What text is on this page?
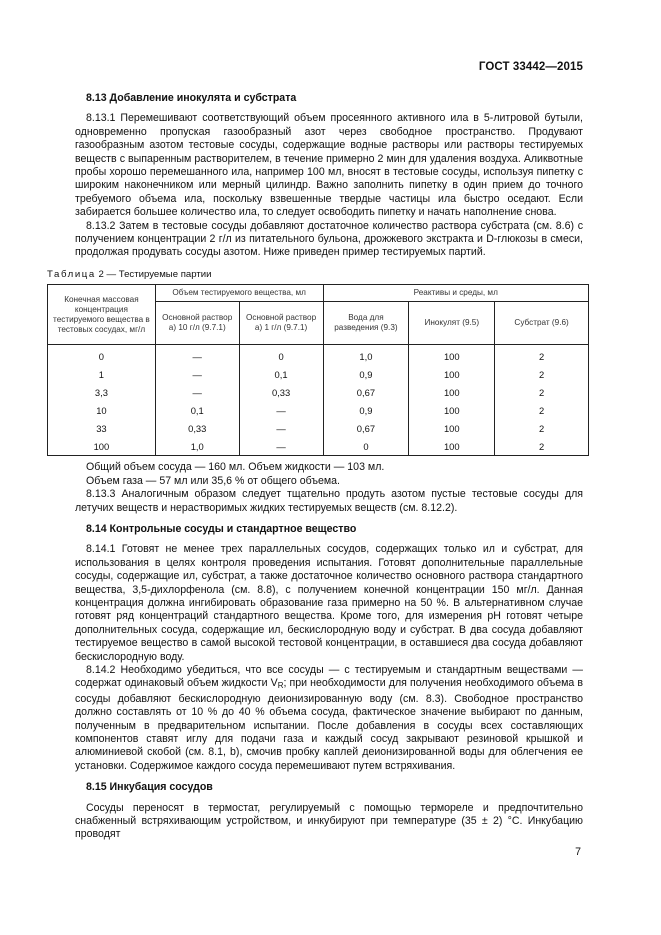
ГОСТ 33442—2015

8.13 Добавление инокулята и субстрата

8.13.1 Перемешивают соответствующий объем просеянного активного ила в 5-литровой бутыли, одновременно пропуская газообразный азот через свободное пространство. Продувают газообразным азотом тестовые сосуды, содержащие водные растворы или растворы тестируемых веществ с выпаренным растворителем, в течение примерно 2 мин для удаления воздуха. Аликвотные пробы хорошо перемешанного ила, например 100 мл, вносят в тестовые сосуды, используя пипетку с широким наконечником или мерный цилиндр. Важно заполнить пипетку в один прием до точного требуемого объема ила, поскольку взвешенные твердые частицы ила быстро оседают. Если забирается большее количество ила, то следует освободить пипетку и начать наполнение снова.

8.13.2 Затем в тестовые сосуды добавляют достаточное количество раствора субстрата (см. 8.6) с получением концентрации 2 г/л из питательного бульона, дрожжевого экстракта и D-глюкозы в смеси, продолжая продувать сосуды азотом. Ниже приведен пример тестируемых партий.

Таблица 2 — Тестируемые партии

Конечная массовая концентрация тестируемого вещества в тестовых сосудах, мг/л	Объем тестируемого вещества, мл		Реактивы и среды, мл		
	Основной раствор а) 10 г/л (9.7.1)	Основной раствор а) 1 г/л (9.7.1)	Вода для разведения (9.3)	Инокулят (9.5)	Субстрат (9.6)
0	—	0	1,0	100	2
1	—	0,1	0,9	100	2
3,3	—	0,33	0,67	100	2
10	0,1	—	0,9	100	2
33	0,33	—	0,67	100	2
100	1,0	—	0	100	2

Общий объем сосуда — 160 мл. Объем жидкости — 103 мл.

Объем газа — 57 мл или 35,6 % от общего объема.

8.13.3 Аналогичным образом следует тщательно продуть азотом пустые тестовые сосуды для летучих веществ и нерастворимых жидких тестируемых веществ (см. 8.12.2).

8.14 Контрольные сосуды и стандартное вещество

8.14.1 Готовят не менее трех параллельных сосудов, содержащих только ил и субстрат, для использования в целях контроля проведения испытания. Готовят дополнительные параллельные сосуды, содержащие ил, субстрат, а также достаточное количество основного раствора стандартного вещества, 3,5-дихлорфенола (см. 8.8), с получением конечной концентрации 150 мг/л. Данная концентрация должна ингибировать образование газа примерно на 50 %. В альтернативном случае готовят ряд концентраций стандартного вещества. Кроме того, для измерения pH готовят четыре дополнительных сосуда, содержащие ил, бескислородную воду и субстрат. В два сосуда добавляют тестируемое вещество в самой высокой тестовой концентрации, в оставшиеся два сосуда добавляют бескислородную воду.

8.14.2 Необходимо убедиться, что все сосуды — с тестируемым и стандартным веществами — содержат одинаковый объем жидкости $V_R$; при необходимости для получения необходимого объема в сосуды добавляют бескислородную деионизированную воду (см. 8.3). Свободное пространство должно составлять от 10 % до 40 % объема сосуда, фактическое значение выбирают по данным, полученным в предварительном испытании. После добавления в сосуды всех составляющих компонентов ставят иглу для подачи газа и каждый сосуд закрывают резиновой крышкой и алюминиевой скобой (см. 8.1, b), смочив пробку каплей деионизированной воды для облегчения ее установки. Содержимое каждого сосуда перемешивают путем встряхивания.

8.15 Инкубация сосудов

Сосуды переносят в термостат, регулируемый с помощью термореле и предпочтительно снабженный встряхивающим устройством, и инкубируют при температуре (35 ± 2) °С. Инкубацию проводят

7
